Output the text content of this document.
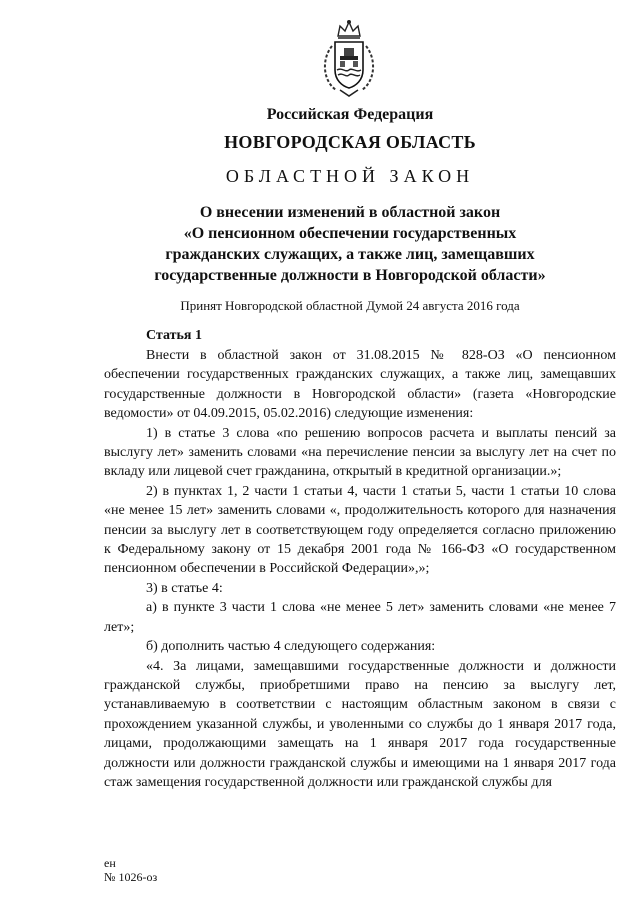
Российская Федерация
НОВГОРОДСКАЯ ОБЛАСТЬ
ОБЛАСТНОЙ ЗАКОН
О внесении изменений в областной закон
«О пенсионном обеспечении государственных
гражданских служащих, а также лиц, замещавших
государственные должности в Новгородской области»
Принят Новгородской областной Думой 24 августа 2016 года
Статья 1

Внести в областной закон от 31.08.2015 № 828-ОЗ «О пенсионном обеспечении государственных гражданских служащих, а также лиц, замещавших государственные должности в Новгородской области» (газета «Новгородские ведомости» от 04.09.2015, 05.02.2016) следующие изменения:

1) в статье 3 слова «по решению вопросов расчета и выплаты пенсий за выслугу лет» заменить словами «на перечисление пенсии за выслугу лет на счет по вкладу или лицевой счет гражданина, открытый в кредитной организации.»;

2) в пунктах 1, 2 части 1 статьи 4, части 1 статьи 5, части 1 статьи 10 слова «не менее 15 лет» заменить словами «, продолжительность которого для назначения пенсии за выслугу лет в соответствующем году определяется согласно приложению к Федеральному закону от 15 декабря 2001 года № 166-ФЗ «О государственном пенсионном обеспечении в Российской Федерации»,»;

3) в статье 4:

а) в пункте 3 части 1 слова «не менее 5 лет» заменить словами «не менее 7 лет»;

б) дополнить частью 4 следующего содержания:

«4. За лицами, замещавшими государственные должности и должности гражданской службы, приобретшими право на пенсию за выслугу лет, устанавливаемую в соответствии с настоящим областным законом в связи с прохождением указанной службы, и уволенными со службы до 1 января 2017 года, лицами, продолжающими замещать на 1 января 2017 года государственные должности или должности гражданской службы и имеющими на 1 января 2017 года стаж замещения государственной должности или гражданской службы для

ен
№ 1026-оз
